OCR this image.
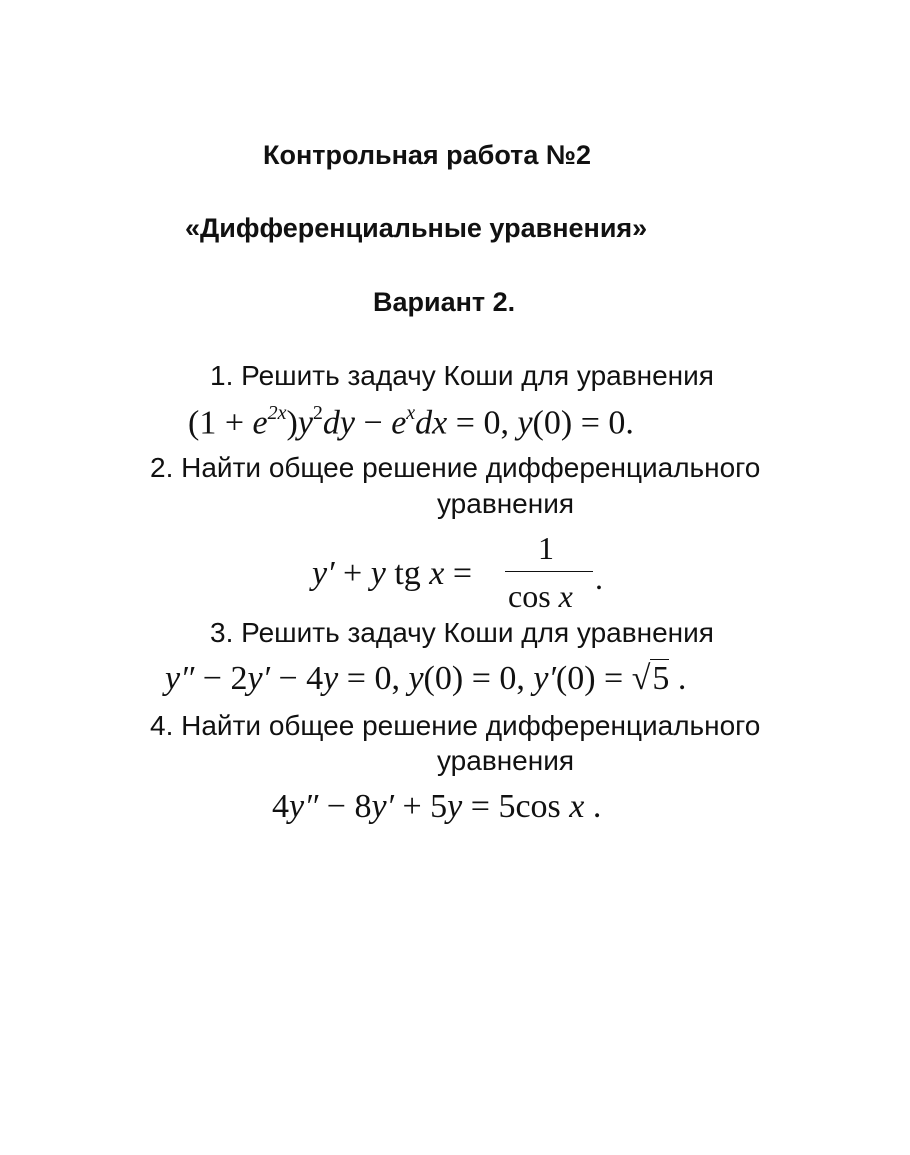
Контрольная работа №2
«Дифференциальные уравнения»
Вариант 2.
1. Решить задачу Коши для уравнения
$(1 + e^{2x})y^2dy - e^xdx = 0$, y(0) = 0.
2. Найти общее решение дифференциального
уравнения
y′ + y tg x =
1
cos x .
3. Решить задачу Коши для уравнения
y″ − 2y′ − 4y = 0, y(0) = 0, y′(0) = √5 .
4. Найти общее решение дифференциального
уравнения
4y″ − 8y′ + 5y = 5cos x .
